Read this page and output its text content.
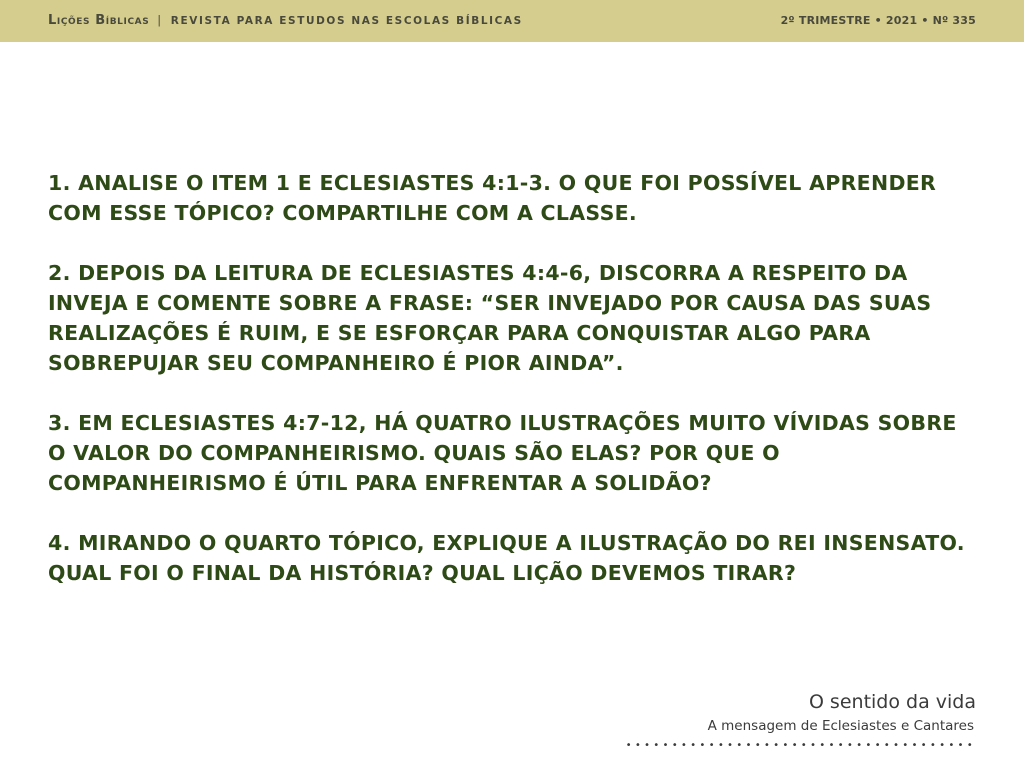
Lições Bíblicas | REVISTA PARA ESTUDOS NAS ESCOLAS BÍBLICAS	2º TRIMESTRE • 2021 • Nº 335

1. ANALISE O ITEM 1 E ECLESIASTES 4:1-3. O QUE FOI POSSÍVEL APRENDER COM ESSE TÓPICO? COMPARTILHE COM A CLASSE.

2. DEPOIS DA LEITURA DE ECLESIASTES 4:4-6, DISCORRA A RESPEITO DA INVEJA E COMENTE SOBRE A FRASE: “SER INVEJADO POR CAUSA DAS SUAS REALIZAÇÕES É RUIM, E SE ESFORÇAR PARA CONQUISTAR ALGO PARA SOBREPUJAR SEU COMPANHEIRO É PIOR AINDA”.

3. EM ECLESIASTES 4:7-12, HÁ QUATRO ILUSTRAÇÕES MUITO VÍVIDAS SOBRE O VALOR DO COMPANHEIRISMO. QUAIS SÃO ELAS? POR QUE O COMPANHEIRISMO É ÚTIL PARA ENFRENTAR A SOLIDÃO?

4. MIRANDO O QUARTO TÓPICO, EXPLIQUE A ILUSTRAÇÃO DO REI INSENSATO. QUAL FOI O FINAL DA HISTÓRIA? QUAL LIÇÃO DEVEMOS TIRAR?

O sentido da vida
A mensagem de Eclesiastes e Cantares
••••••••••••••••••••••••••••••••••••••
